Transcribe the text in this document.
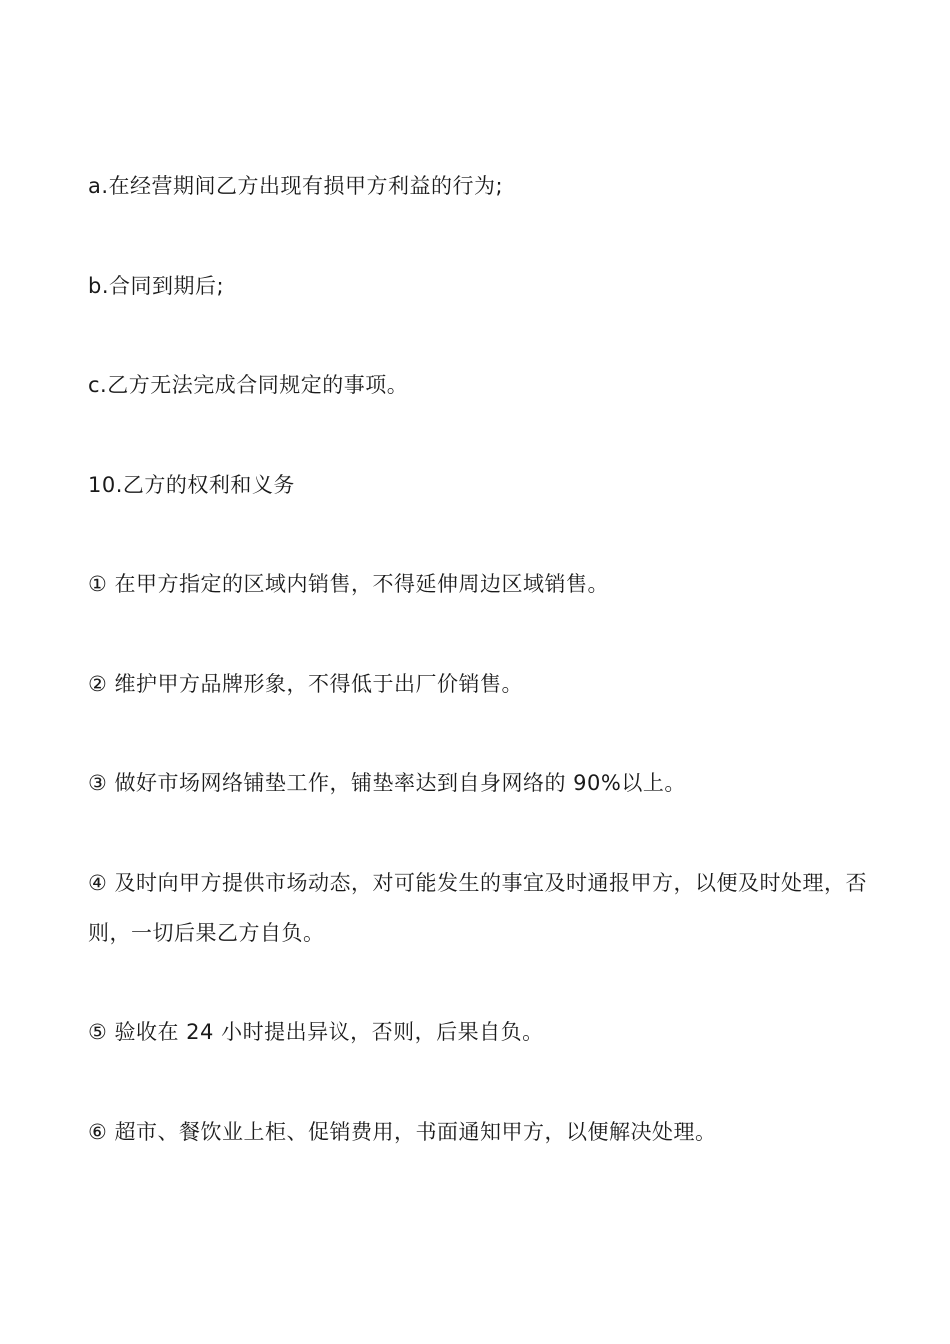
a.在经营期间乙方出现有损甲方利益的行为;

b.合同到期后;

c.乙方无法完成合同规定的事项。

10.乙方的权利和义务

① 在甲方指定的区域内销售，不得延伸周边区域销售。

② 维护甲方品牌形象，不得低于出厂价销售。

③ 做好市场网络铺垫工作，铺垫率达到自身网络的 90%以上。

④ 及时向甲方提供市场动态，对可能发生的事宜及时通报甲方，以便及时处理，否则，一切后果乙方自负。

⑤ 验收在 24 小时提出异议，否则，后果自负。

⑥ 超市、餐饮业上柜、促销费用，书面通知甲方，以便解决处理。
